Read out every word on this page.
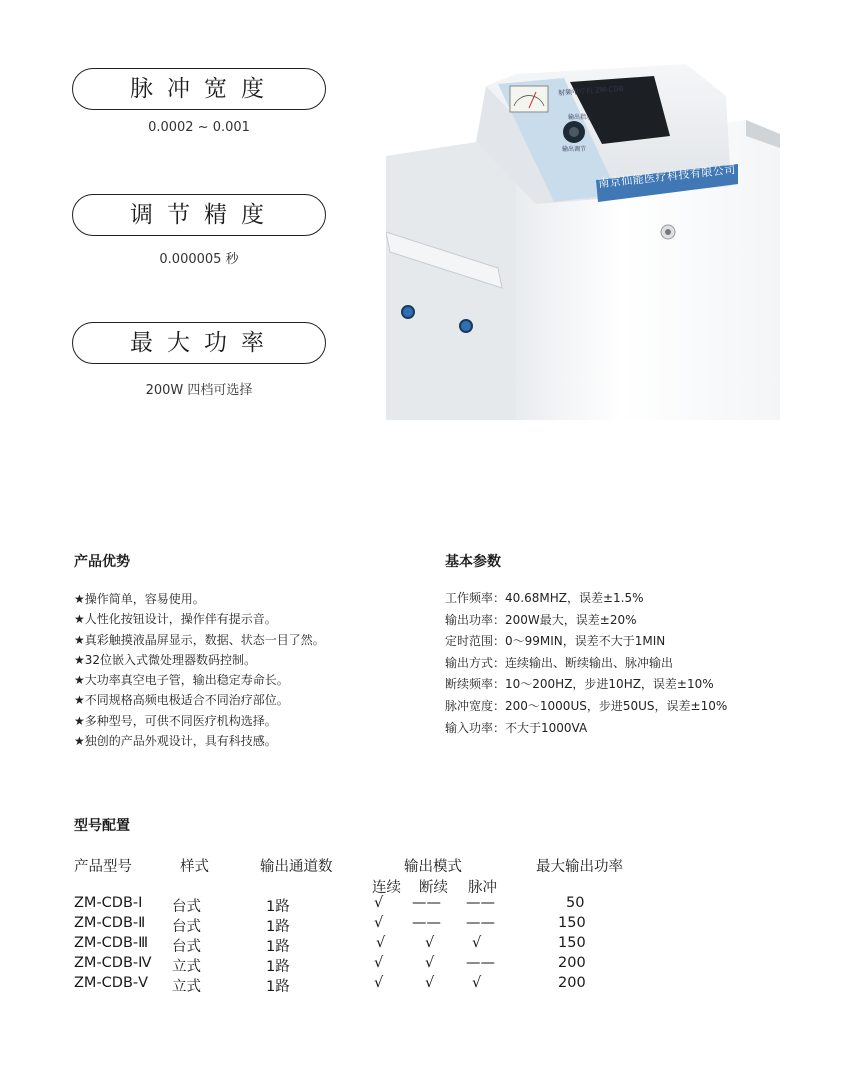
脉冲宽度
0.0002 ~ 0.001
调节精度
0.000005 秒
最大功率
200W 四档可选择
南京仙能医疗科技有限公司
射频电疗机 ZM-CDB
输出调节
输出指示
产品优势
★操作简单，容易使用。
★人性化按钮设计，操作伴有提示音。
★真彩触摸液晶屏显示，数据、状态一目了然。
★32位嵌入式微处理器数码控制。
★大功率真空电子管，输出稳定寿命长。
★不同规格高频电极适合不同治疗部位。
★多种型号，可供不同医疗机构选择。
★独创的产品外观设计，具有科技感。
基本参数
工作频率：40.68MHZ，误差±1.5%
输出功率：200W最大，误差±20%
定时范围：0～99MIN，误差不大于1MIN
输出方式：连续输出、断续输出、脉冲输出
断续频率：10～200HZ，步进10HZ，误差±10%
脉冲宽度：200～1000US，步进50US，误差±10%
输入功率：不大于1000VA
型号配置
产品型号	样式	输出通道数	输出模式	最大输出功率
连续 断续 脉冲
ZM-CDB-Ⅰ 台式	1路	√ —— ——	50
ZM-CDB-Ⅱ 台式	1路	√ —— ——	150
ZM-CDB-Ⅲ 台式	1路	√	√	√	150
ZM-CDB-Ⅳ 立式	1路	√	√ ——	200
ZM-CDB-Ⅴ 立式	1路	√	√	√	200
